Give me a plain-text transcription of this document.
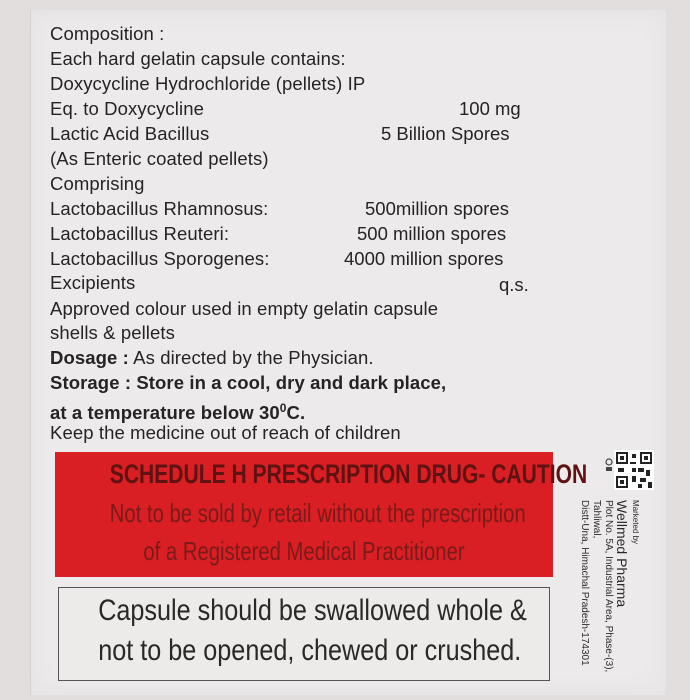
Composition :
Each hard gelatin capsule contains:
Doxycycline Hydrochloride (pellets) IP
Eq. to Doxycycline	100 mg
Lactic Acid Bacillus	5 Billion Spores
(As Enteric coated pellets)
Comprising
Lactobacillus Rhamnosus:	500million spores
Lactobacillus Reuteri:	500 million spores
Lactobacillus Sporogenes:	4000 million spores
Excipients	q.s.
Approved colour used in empty gelatin capsule
shells & pellets
Dosage : As directed by the Physician.
Storage : Store in a cool, dry and dark place,
at a temperature below $30^0C$.
Keep the medicine out of reach of children
SCHEDULE H PRESCRIPTION DRUG- CAUTION
Not to be sold by retail without the prescription
of a Registered Medical Practitioner
Capsule should be swallowed whole &
not to be opened, chewed or crushed.
Marketed by
Wellmed Pharma
Plot No. 5A, Industrial Area, Phase-(3), Tahliwal,
Distt-Una, Himachal Pradesh-174301
